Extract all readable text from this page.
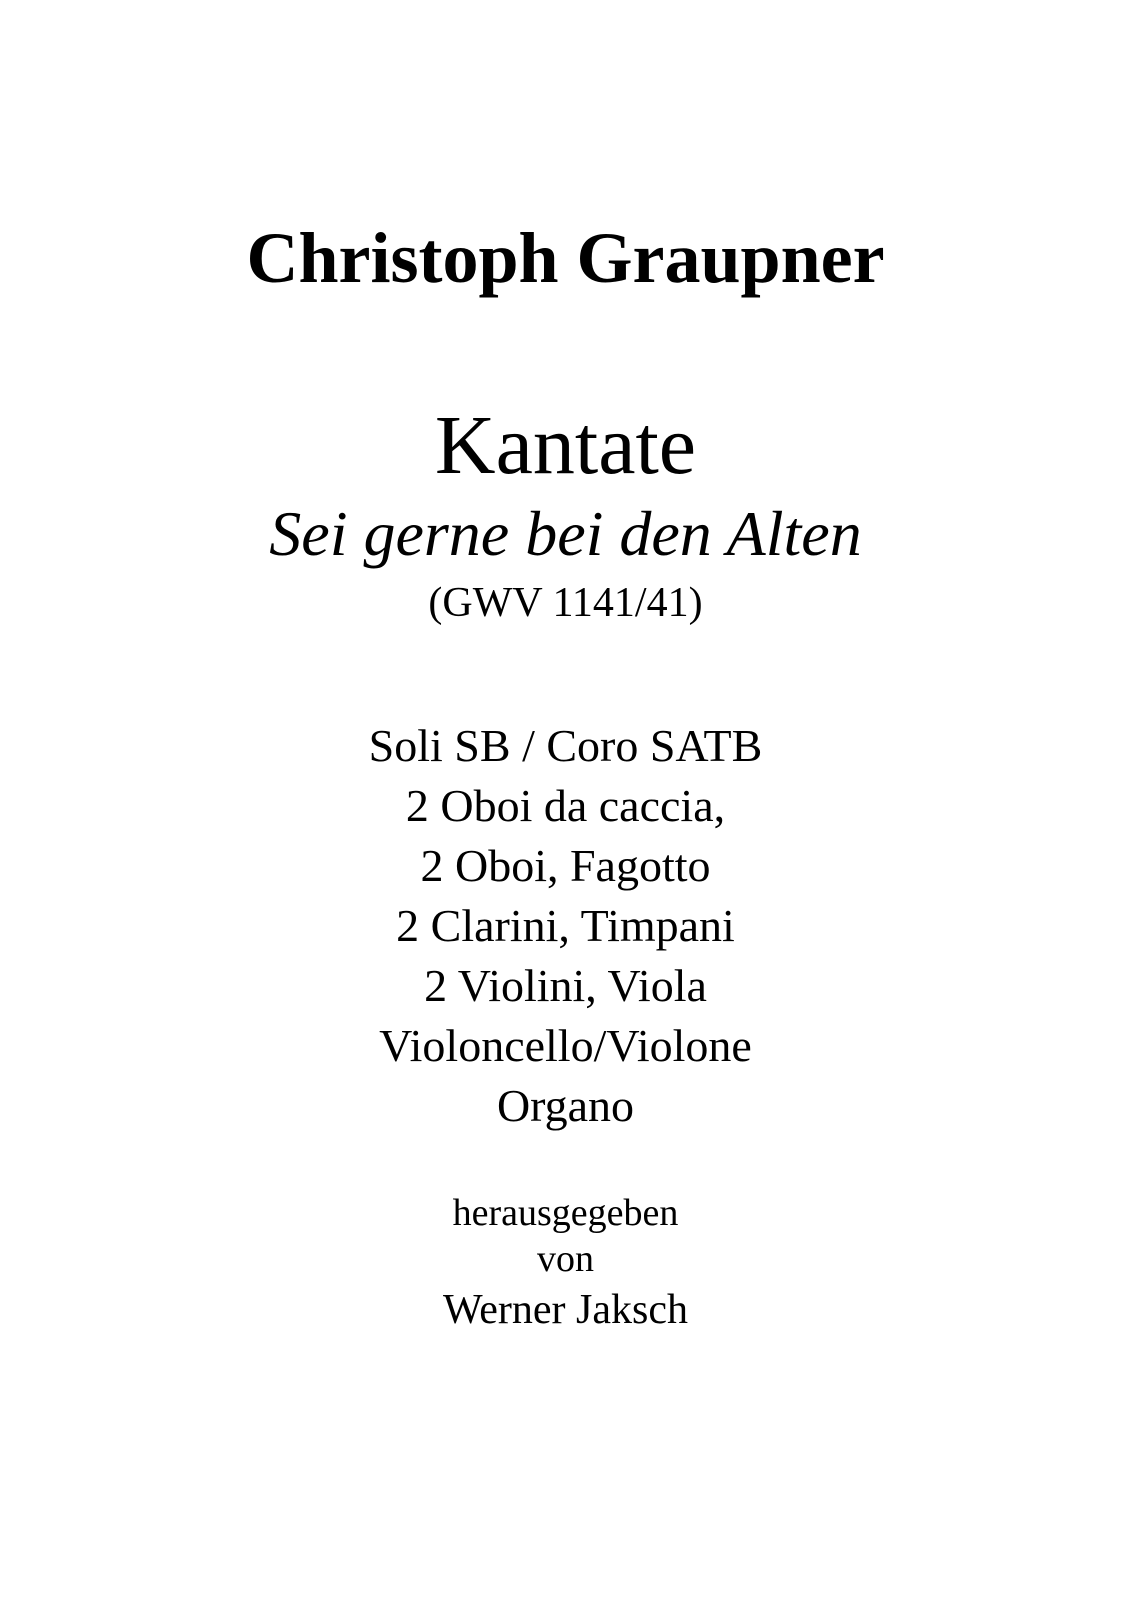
Christoph Graupner
Kantate
Sei gerne bei den Alten
(GWV 1141/41)
Soli SB / Coro SATB
2 Oboi da caccia,
2 Oboi, Fagotto
2 Clarini, Timpani
2 Violini, Viola
Violoncello/Violone
Organo
herausgegeben
von
Werner Jaksch
